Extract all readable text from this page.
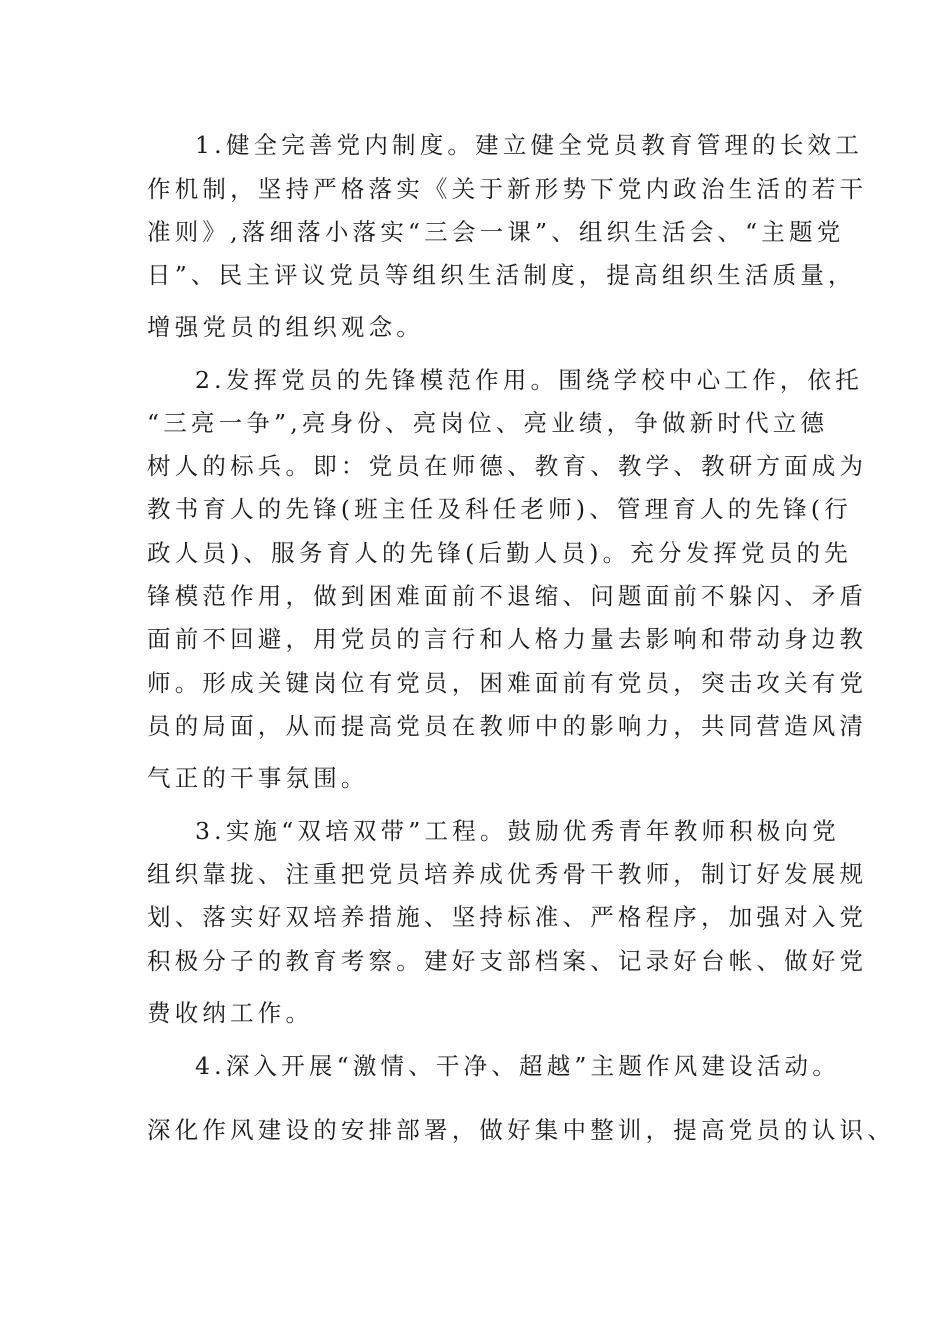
1.健全完善党内制度。建立健全党员教育管理的长效工
作机制，坚持严格落实《关于新形势下党内政治生活的若干
准则》,落细落小落实“三会一课”、组织生活会、“主题党
日”、民主评议党员等组织生活制度，提高组织生活质量，
增强党员的组织观念。
2.发挥党员的先锋模范作用。围绕学校中心工作，依托
“三亮一争”,亮身份、亮岗位、亮业绩，争做新时代立德
树人的标兵。即：党员在师德、教育、教学、教研方面成为
教书育人的先锋(班主任及科任老师)、管理育人的先锋(行
政人员)、服务育人的先锋(后勤人员)。充分发挥党员的先
锋模范作用，做到困难面前不退缩、问题面前不躲闪、矛盾
面前不回避，用党员的言行和人格力量去影响和带动身边教
师。形成关键岗位有党员，困难面前有党员，突击攻关有党
员的局面，从而提高党员在教师中的影响力，共同营造风清
气正的干事氛围。
3.实施“双培双带”工程。鼓励优秀青年教师积极向党
组织靠拢、注重把党员培养成优秀骨干教师，制订好发展规
划、落实好双培养措施、坚持标准、严格程序，加强对入党
积极分子的教育考察。建好支部档案、记录好台帐、做好党
费收纳工作。
4.深入开展“激情、干净、超越”主题作风建设活动。
深化作风建设的安排部署，做好集中整训，提高党员的认识、
